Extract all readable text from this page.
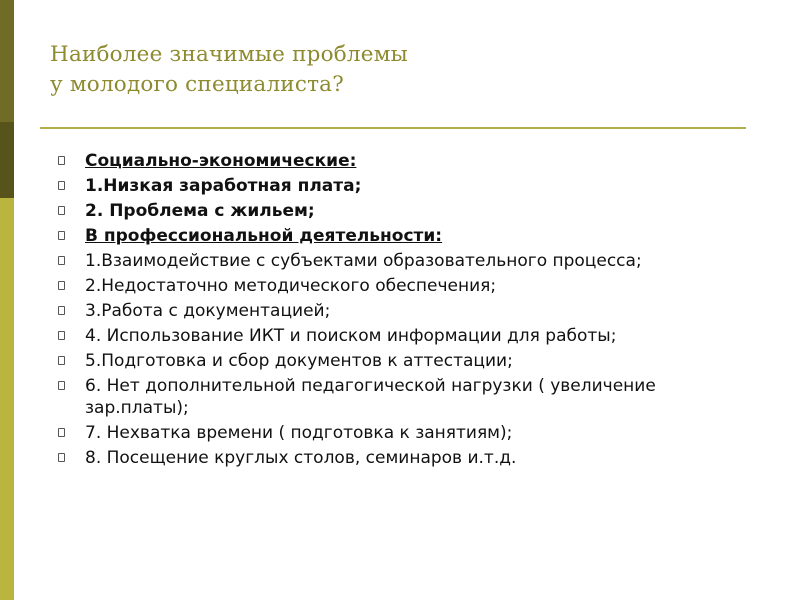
Наиболее значимые проблемы
у молодого специалиста?
Социально-экономические:
1.Низкая заработная плата;
2. Проблема с жильем;
В профессиональной деятельности:
1.Взаимодействие с субъектами образовательного процесса;
2.Недостаточно методического обеспечения;
3.Работа с документацией;
4. Использование ИКТ и поиском информации для работы;
5.Подготовка и сбор документов к аттестации;
6. Нет дополнительной педагогической нагрузки ( увеличение зар.платы);
7. Нехватка времени ( подготовка к занятиям);
8. Посещение круглых столов, семинаров и.т.д.
